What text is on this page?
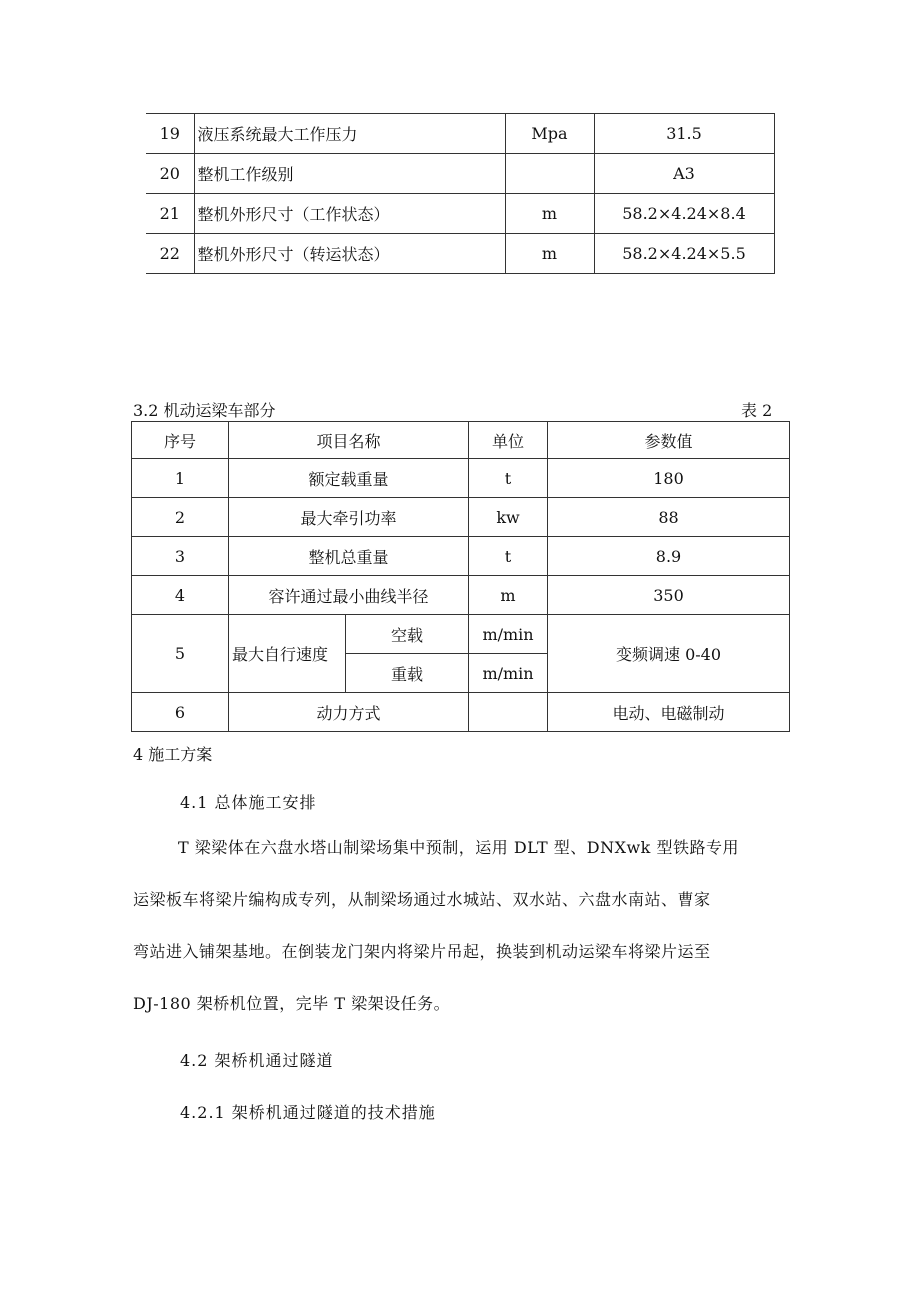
19	液压系统最大工作压力	Mpa	31.5
20	整机工作级别		A3
21	整机外形尺寸（工作状态）	m	58.2×4.24×8.4
22	整机外形尺寸（转运状态）	m	58.2×4.24×5.5
3.2 机动运梁车部分	表 2
序号	项目名称		单位	参数值
1	额定载重量		t	180
2	最大牵引功率		kw	88
3	整机总重量		t	8.9
4	容许通过最小曲线半径		m	350
5	最大自行速度	空载	m/min	变频调速 0-40
		重载	m/min	
6	动力方式			电动、电磁制动
4 施工方案
4.1 总体施工安排
T 梁梁体在六盘水塔山制梁场集中预制，运用 DLT 型、DNXwk 型铁路专用
运梁板车将梁片编构成专列，从制梁场通过水城站、双水站、六盘水南站、曹家
弯站进入铺架基地。在倒装龙门架内将梁片吊起，换装到机动运梁车将梁片运至
DJ-180 架桥机位置，完毕 T 梁架设任务。
4.2 架桥机通过隧道
4.2.1 架桥机通过隧道的技术措施
